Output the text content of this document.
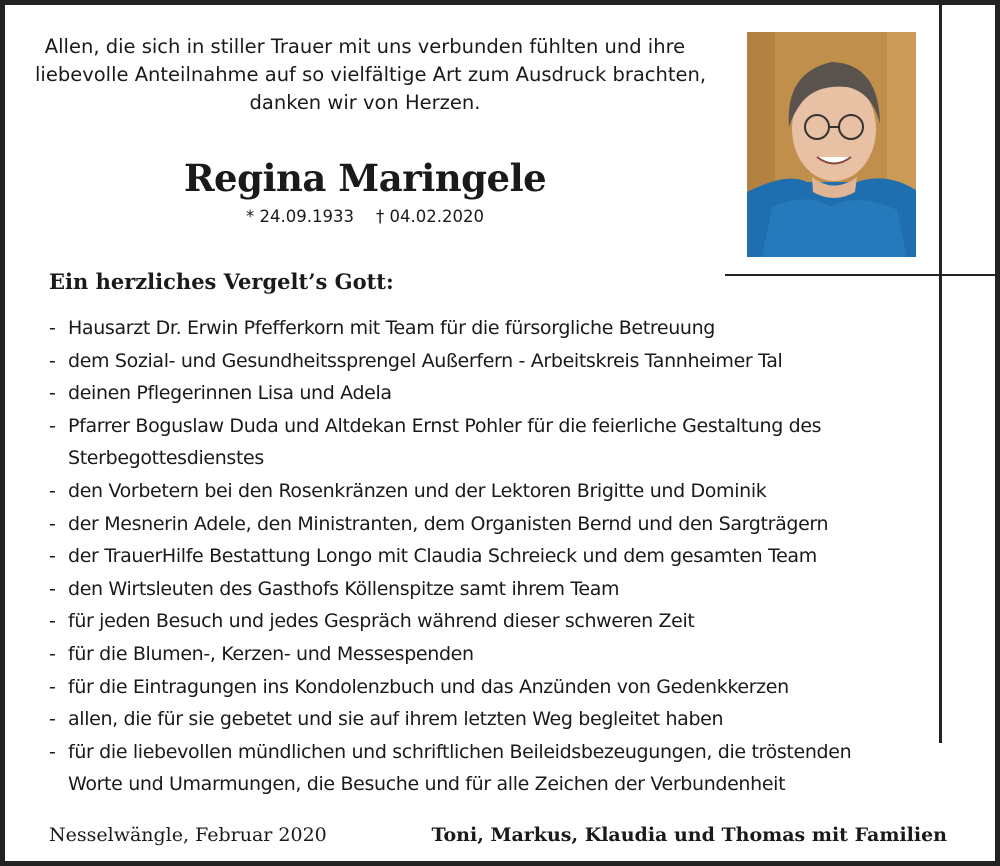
Allen, die sich in stiller Trauer mit uns verbunden fühlten und ihre
liebevolle Anteilnahme auf so vielfältige Art zum Ausdruck brachten,
danken wir von Herzen.
Regina Maringele
* 24.09.1933 † 04.02.2020
Ein herzliches Vergelt’s Gott:
- Hausarzt Dr. Erwin Pfefferkorn mit Team für die fürsorgliche Betreuung
- dem Sozial- und Gesundheitssprengel Außerfern - Arbeitskreis Tannheimer Tal
- deinen Pflegerinnen Lisa und Adela
- Pfarrer Boguslaw Duda und Altdekan Ernst Pohler für die feierliche Gestaltung des
Sterbegottesdienstes
- den Vorbetern bei den Rosenkränzen und der Lektoren Brigitte und Dominik
- der Mesnerin Adele, den Ministranten, dem Organisten Bernd und den Sargträgern
- der TrauerHilfe Bestattung Longo mit Claudia Schreieck und dem gesamten Team
- den Wirtsleuten des Gasthofs Köllenspitze samt ihrem Team
- für jeden Besuch und jedes Gespräch während dieser schweren Zeit
- für die Blumen-, Kerzen- und Messespenden
- für die Eintragungen ins Kondolenzbuch und das Anzünden von Gedenkkerzen
- allen, die für sie gebetet und sie auf ihrem letzten Weg begleitet haben
- für die liebevollen mündlichen und schriftlichen Beileidsbezeugungen, die tröstenden
Worte und Umarmungen, die Besuche und für alle Zeichen der Verbundenheit
Nesselwängle, Februar 2020	Toni, Markus, Klaudia und Thomas mit Familien
